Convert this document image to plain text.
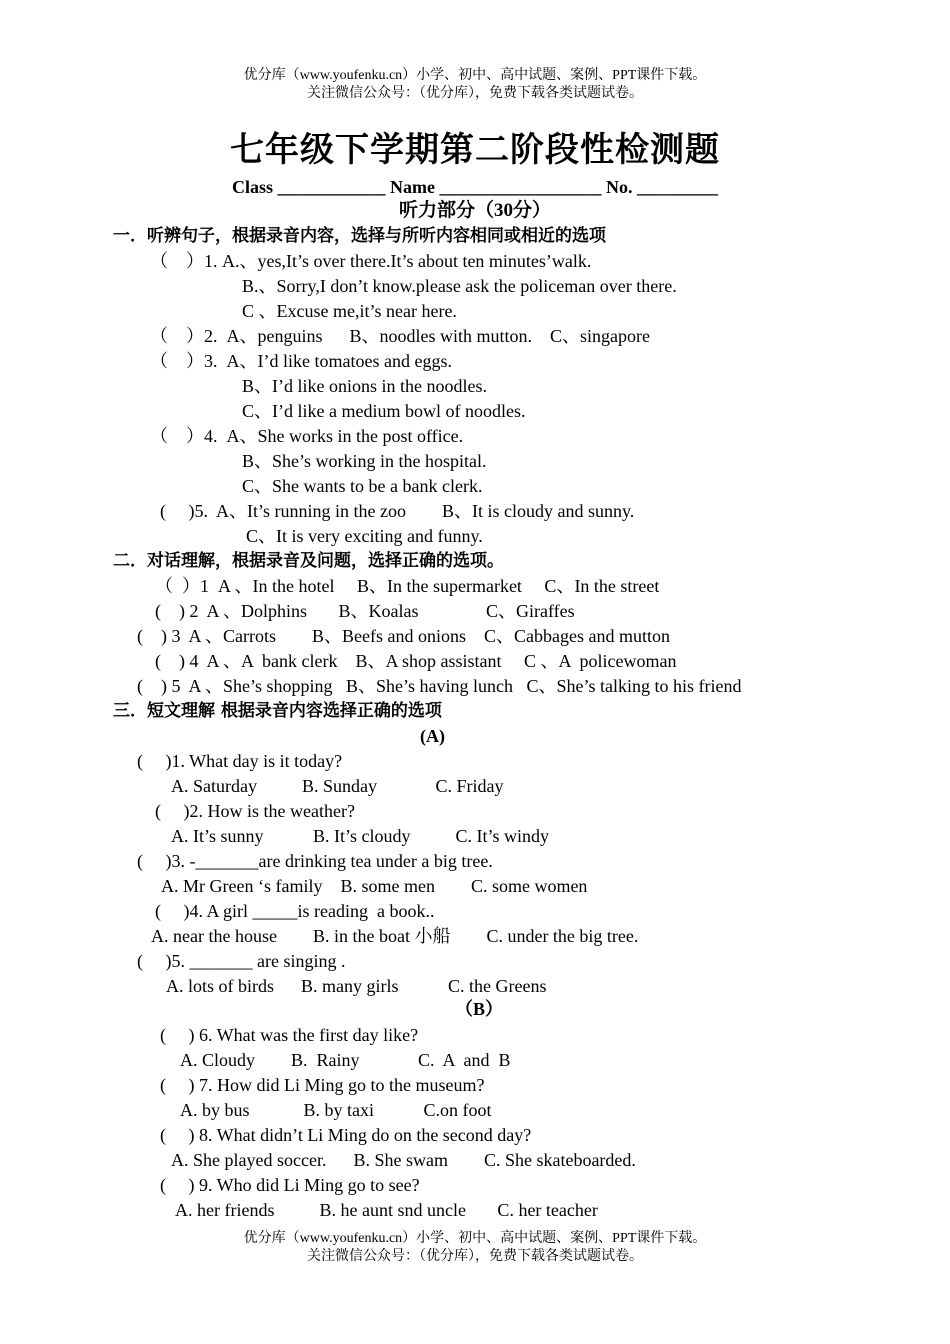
优分库（www.youfenku.cn）小学、初中、高中试题、案例、PPT课件下载。
关注微信公众号：（优分库），免费下载各类试题试卷。
七年级下学期第二阶段性检测题
Class ____________ Name __________________ No. _________
听力部分（30分）
一．听辨句子，根据录音内容，选择与所听内容相同或相近的选项
（    ）1. A.、yes,It’s over there.It’s about ten minutes’walk.
B.、Sorry,I don’t know.please ask the policeman over there.
C 、Excuse me,it’s near here.
（    ）2.  A、penguins      B、noodles with mutton.    C、singapore
（    ）3.  A、I’d like tomatoes and eggs.
B、I’d like onions in the noodles.
C、I’d like a medium bowl of noodles.
（    ）4.  A、She works in the post office.
B、She’s working in the hospital.
C、She wants to be a bank clerk.
(     )5.  A、It’s running in the zoo        B、It is cloudy and sunny.
C、It is very exciting and funny.
二．对话理解，根据录音及问题，选择正确的选项。
（  ）1  A 、In the hotel     B、In the supermarket     C、In the street
(    ) 2  A 、Dolphins       B、Koalas               C、Giraffes
(    ) 3  A 、Carrots        B、Beefs and onions    C、Cabbages and mutton
(    ) 4  A 、A  bank clerk    B、A shop assistant     C 、A  policewoman
(    ) 5  A 、She’s shopping   B、She’s having lunch   C、She’s talking to his friend
三．短文理解 根据录音内容选择正确的选项
(A)
(     )1. What day is it today?
A. Saturday          B. Sunday             C. Friday
(     )2. How is the weather?
A. It’s sunny           B. It’s cloudy          C. It’s windy
(     )3. -_______are drinking tea under a big tree.
A. Mr Green ‘s family    B. some men        C. some women
(     )4. A girl _____is reading  a book..
A. near the house        B. in the boat 小船        C. under the big tree.
(     )5. _______ are singing .
A. lots of birds      B. many girls           C. the Greens
（B）
(     ) 6. What was the first day like?
A. Cloudy        B.  Rainy             C.  A  and  B
(     ) 7. How did Li Ming go to the museum?
A. by bus            B. by taxi           C.on foot
(     ) 8. What didn’t Li Ming do on the second day?
A. She played soccer.      B. She swam        C. She skateboarded.
(     ) 9. Who did Li Ming go to see?
A. her friends          B. he aunt snd uncle       C. her teacher
优分库（www.youfenku.cn）小学、初中、高中试题、案例、PPT课件下载。
关注微信公众号：（优分库），免费下载各类试题试卷。
